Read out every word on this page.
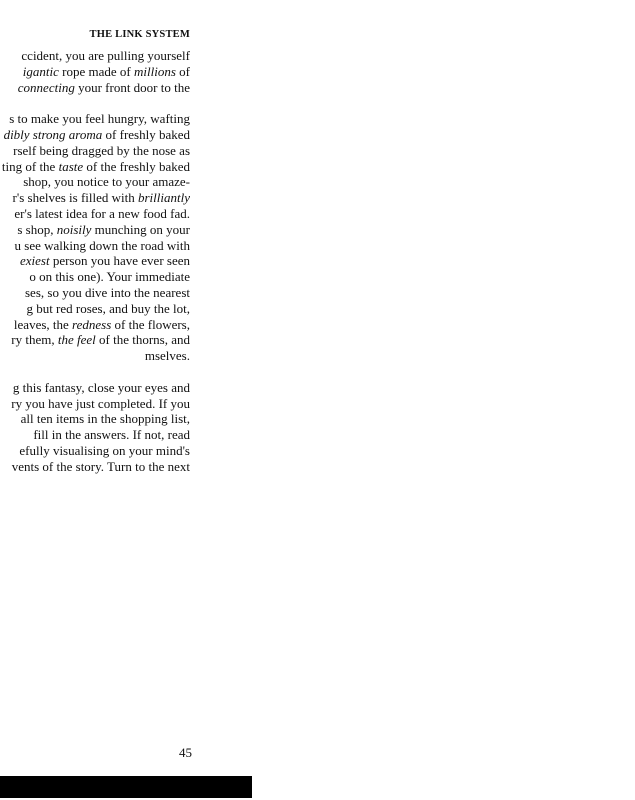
THE LINK SYSTEM

ccident, you are pulling yourself
igantic rope made of millions of
connecting your front door to the
s to make you feel hungry, wafting
dibly strong aroma of freshly baked
rself being dragged by the nose as
ting of the taste of the freshly baked
shop, you notice to your amaze-
r's shelves is filled with brilliantly
er's latest idea for a new food fad.
s shop, noisily munching on your
u see walking down the road with
exiest person you have ever seen
o on this one). Your immediate
ses, so you dive into the nearest
g but red roses, and buy the lot,
leaves, the redness of the flowers,
ry them, the feel of the thorns, and
mselves.
g this fantasy, close your eyes and
ry you have just completed. If you
all ten items in the shopping list,
fill in the answers. If not, read
efully visualising on your mind's
vents of the story. Turn to the next

45
